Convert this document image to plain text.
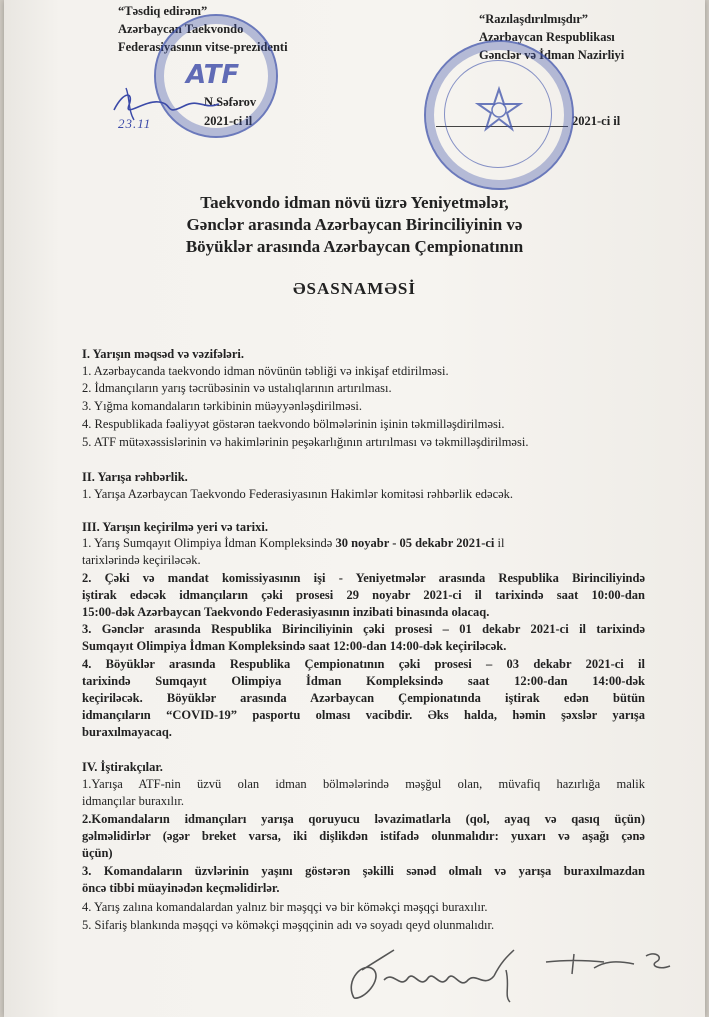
“Təsdiq edirəm”
Azərbaycan Taekvondo
Federasiyasının vitse-prezidenti
N.Səfərov
2021-ci il
23.11
ATF
“Razılaşdırılmışdır”
Azərbaycan Respublikası
Gənclər və İdman Nazirliyi
2021-ci il
Taekvondo idman növü üzrə Yeniyetmələr,
Gənclər arasında Azərbaycan Birinciliyinin və
Böyüklər arasında Azərbaycan Çempionatının
ƏSASNAMƏSİ
I. Yarışın məqsəd və vəzifələri.
1. Azərbaycanda taekvondo idman növünün təbliği və inkişaf etdirilməsi.
2. İdmançıların yarış təcrübəsinin və ustalıqlarının artırılması.
3. Yığma komandaların tərkibinin müəyyənləşdirilməsi.
4. Respublikada fəaliyyət göstərən taekvondo bölmələrinin işinin təkmilləşdirilməsi.
5. ATF mütəxəssislərinin və hakimlərinin peşəkarlığının artırılması və təkmilləşdirilməsi.
II. Yarışa rəhbərlik.
1. Yarışa Azərbaycan Taekvondo Federasiyasının Hakimlər komitəsi rəhbərlik edəcək.
III. Yarışın keçirilmə yeri və tarixi.
1. Yarış Sumqayıt Olimpiya İdman Kompleksində 30 noyabr - 05 dekabr 2021-ci il
tarixlərində keçiriləcək.
2. Çəki və mandat komissiyasının işi - Yeniyetmələr arasında Respublika Birinciliyində
iştirak edəcək idmançıların çəki prosesi 29 noyabr 2021-ci il tarixində saat 10:00-dan
15:00-dək Azərbaycan Taekvondo Federasiyasının inzibati binasında olacaq.
3. Gənclər arasında Respublika Birinciliyinin çəki prosesi – 01 dekabr 2021-ci il tarixində
Sumqayıt Olimpiya İdman Kompleksində saat 12:00-dan 14:00-dək keçiriləcək.
4. Böyüklər arasında Respublika Çempionatının çəki prosesi – 03 dekabr 2021-ci il
tarixində Sumqayıt Olimpiya İdman Kompleksində saat 12:00-dan 14:00-dək
keçiriləcək. Böyüklər arasında Azərbaycan Çempionatında iştirak edən bütün
idmançıların “COVID-19” pasportu olması vacibdir. Əks halda, həmin şəxslər yarışa
buraxılmayacaq.
IV. İştirakçılar.
1.Yarışa ATF-nin üzvü olan idman bölmələrində məşğul olan, müvafiq hazırlığa malik
idmançılar buraxılır.
2.Komandaların idmançıları yarışa qoruyucu ləvazimatlarla (qol, ayaq və qasıq üçün)
gəlməlidirlər (əgər breket varsa, iki dişlikdən istifadə olunmalıdır: yuxarı və aşağı çənə
üçün)
3. Komandaların üzvlərinin yaşını göstərən şəkilli sənəd olmalı və yarışa buraxılmazdan
öncə tibbi müayinədən keçməlidirlər.
4. Yarış zalına komandalardan yalnız bir məşqçi və bir köməkçi məşqçi buraxılır.
5. Sifariş blankında məşqçi və köməkçi məşqçinin adı və soyadı qeyd olunmalıdır.
